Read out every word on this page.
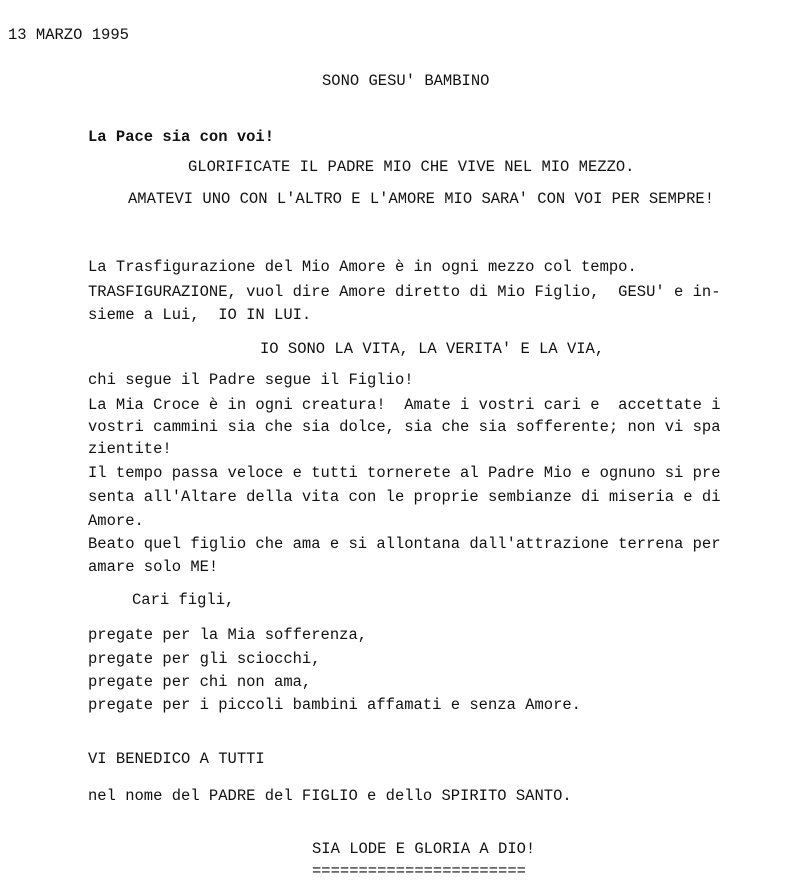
13 MARZO 1995
SONO GESU' BAMBINO
La Pace sia con voi!
GLORIFICATE IL PADRE MIO CHE VIVE NEL MIO MEZZO.
AMATEVI UNO CON L'ALTRO E L'AMORE MIO SARA' CON VOI PER SEMPRE!
La Trasfigurazione del Mio Amore è in ogni mezzo col tempo.
TRASFIGURAZIONE, vuol dire Amore diretto di Mio Figlio,  GESU' e in-
sieme a Lui,  IO IN LUI.
IO SONO LA VITA, LA VERITA' E LA VIA,
chi segue il Padre segue il Figlio!
La Mia Croce è in ogni creatura!  Amate i vostri cari e  accettate i
vostri cammini sia che sia dolce, sia che sia sofferente; non vi spa
zientite!
Il tempo passa veloce e tutti tornerete al Padre Mio e ognuno si pre
senta all'Altare della vita con le proprie sembianze di miseria e di
Amore.
Beato quel figlio che ama e si allontana dall'attrazione terrena per
amare solo ME!
Cari figli,
pregate per la Mia sofferenza,
pregate per gli sciocchi,
pregate per chi non ama,
pregate per i piccoli bambini affamati e senza Amore.
VI BENEDICO A TUTTI
nel nome del PADRE del FIGLIO e dello SPIRITO SANTO.
SIA LODE E GLORIA A DIO!
=======================
